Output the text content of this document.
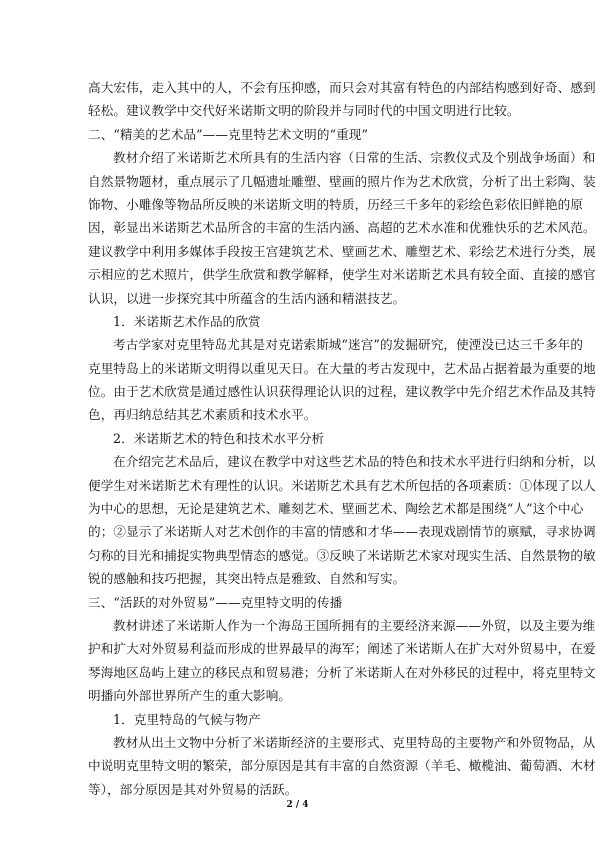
高大宏伟，走入其中的人，不会有压抑感，而只会对其富有特色的内部结构感到好奇、感到
轻松。建议教学中交代好米诺斯文明的阶段并与同时代的中国文明进行比较。
二、“精美的艺术品”——克里特艺术文明的“重现”
教材介绍了米诺斯艺术所具有的生活内容（日常的生活、宗教仪式及个别战争场面）和
自然景物题材，重点展示了几幅遗址雕塑、壁画的照片作为艺术欣赏，分析了出土彩陶、装
饰物、小雕像等物品所反映的米诺斯文明的特质，历经三千多年的彩绘色彩依旧鲜艳的原
因，彰显出米诺斯艺术品所含的丰富的生活内涵、高超的艺术水准和优雅快乐的艺术风范。
建议教学中利用多媒体手段按王宫建筑艺术、壁画艺术、雕塑艺术、彩绘艺术进行分类，展
示相应的艺术照片，供学生欣赏和教学解释，使学生对米诺斯艺术具有较全面、直接的感官
认识，以进一步探究其中所蕴含的生活内涵和精湛技艺。
1．米诺斯艺术作品的欣赏
考古学家对克里特岛尤其是对克诺索斯城“迷宫”的发掘研究，使湮没已达三千多年的
克里特岛上的米诺斯文明得以重见天日。在大量的考古发现中，艺术品占据着最为重要的地
位。由于艺术欣赏是通过感性认识获得理论认识的过程，建议教学中先介绍艺术作品及其特
色，再归纳总结其艺术素质和技术水平。
2．米诺斯艺术的特色和技术水平分析
在介绍完艺术品后，建议在教学中对这些艺术品的特色和技术水平进行归纳和分析，以
便学生对米诺斯艺术有理性的认识。米诺斯艺术具有艺术所包括的各项素质：①体现了以人
为中心的思想，无论是建筑艺术、雕刻艺术、壁画艺术、陶绘艺术都是围绕“人”这个中心
的；②显示了米诺斯人对艺术创作的丰富的情感和才华——表现戏剧情节的禀赋，寻求协调
匀称的目光和捕捉实物典型情态的感觉。③反映了米诺斯艺术家对现实生活、自然景物的敏
锐的感触和技巧把握，其突出特点是雅致、自然和写实。
三、“活跃的对外贸易”——克里特文明的传播
教材讲述了米诺斯人作为一个海岛王国所拥有的主要经济来源——外贸，以及主要为维
护和扩大对外贸易利益而形成的世界最早的海军；阐述了米诺斯人在扩大对外贸易中，在爱
琴海地区岛屿上建立的移民点和贸易港；分析了米诺斯人在对外移民的过程中，将克里特文
明播向外部世界所产生的重大影响。
1．克里特岛的气候与物产
教材从出土文物中分析了米诺斯经济的主要形式、克里特岛的主要物产和外贸物品，从
中说明克里特文明的繁荣，部分原因是其有丰富的自然资源（羊毛、橄榄油、葡萄酒、木材
等），部分原因是其对外贸易的活跃。
2 / 4
